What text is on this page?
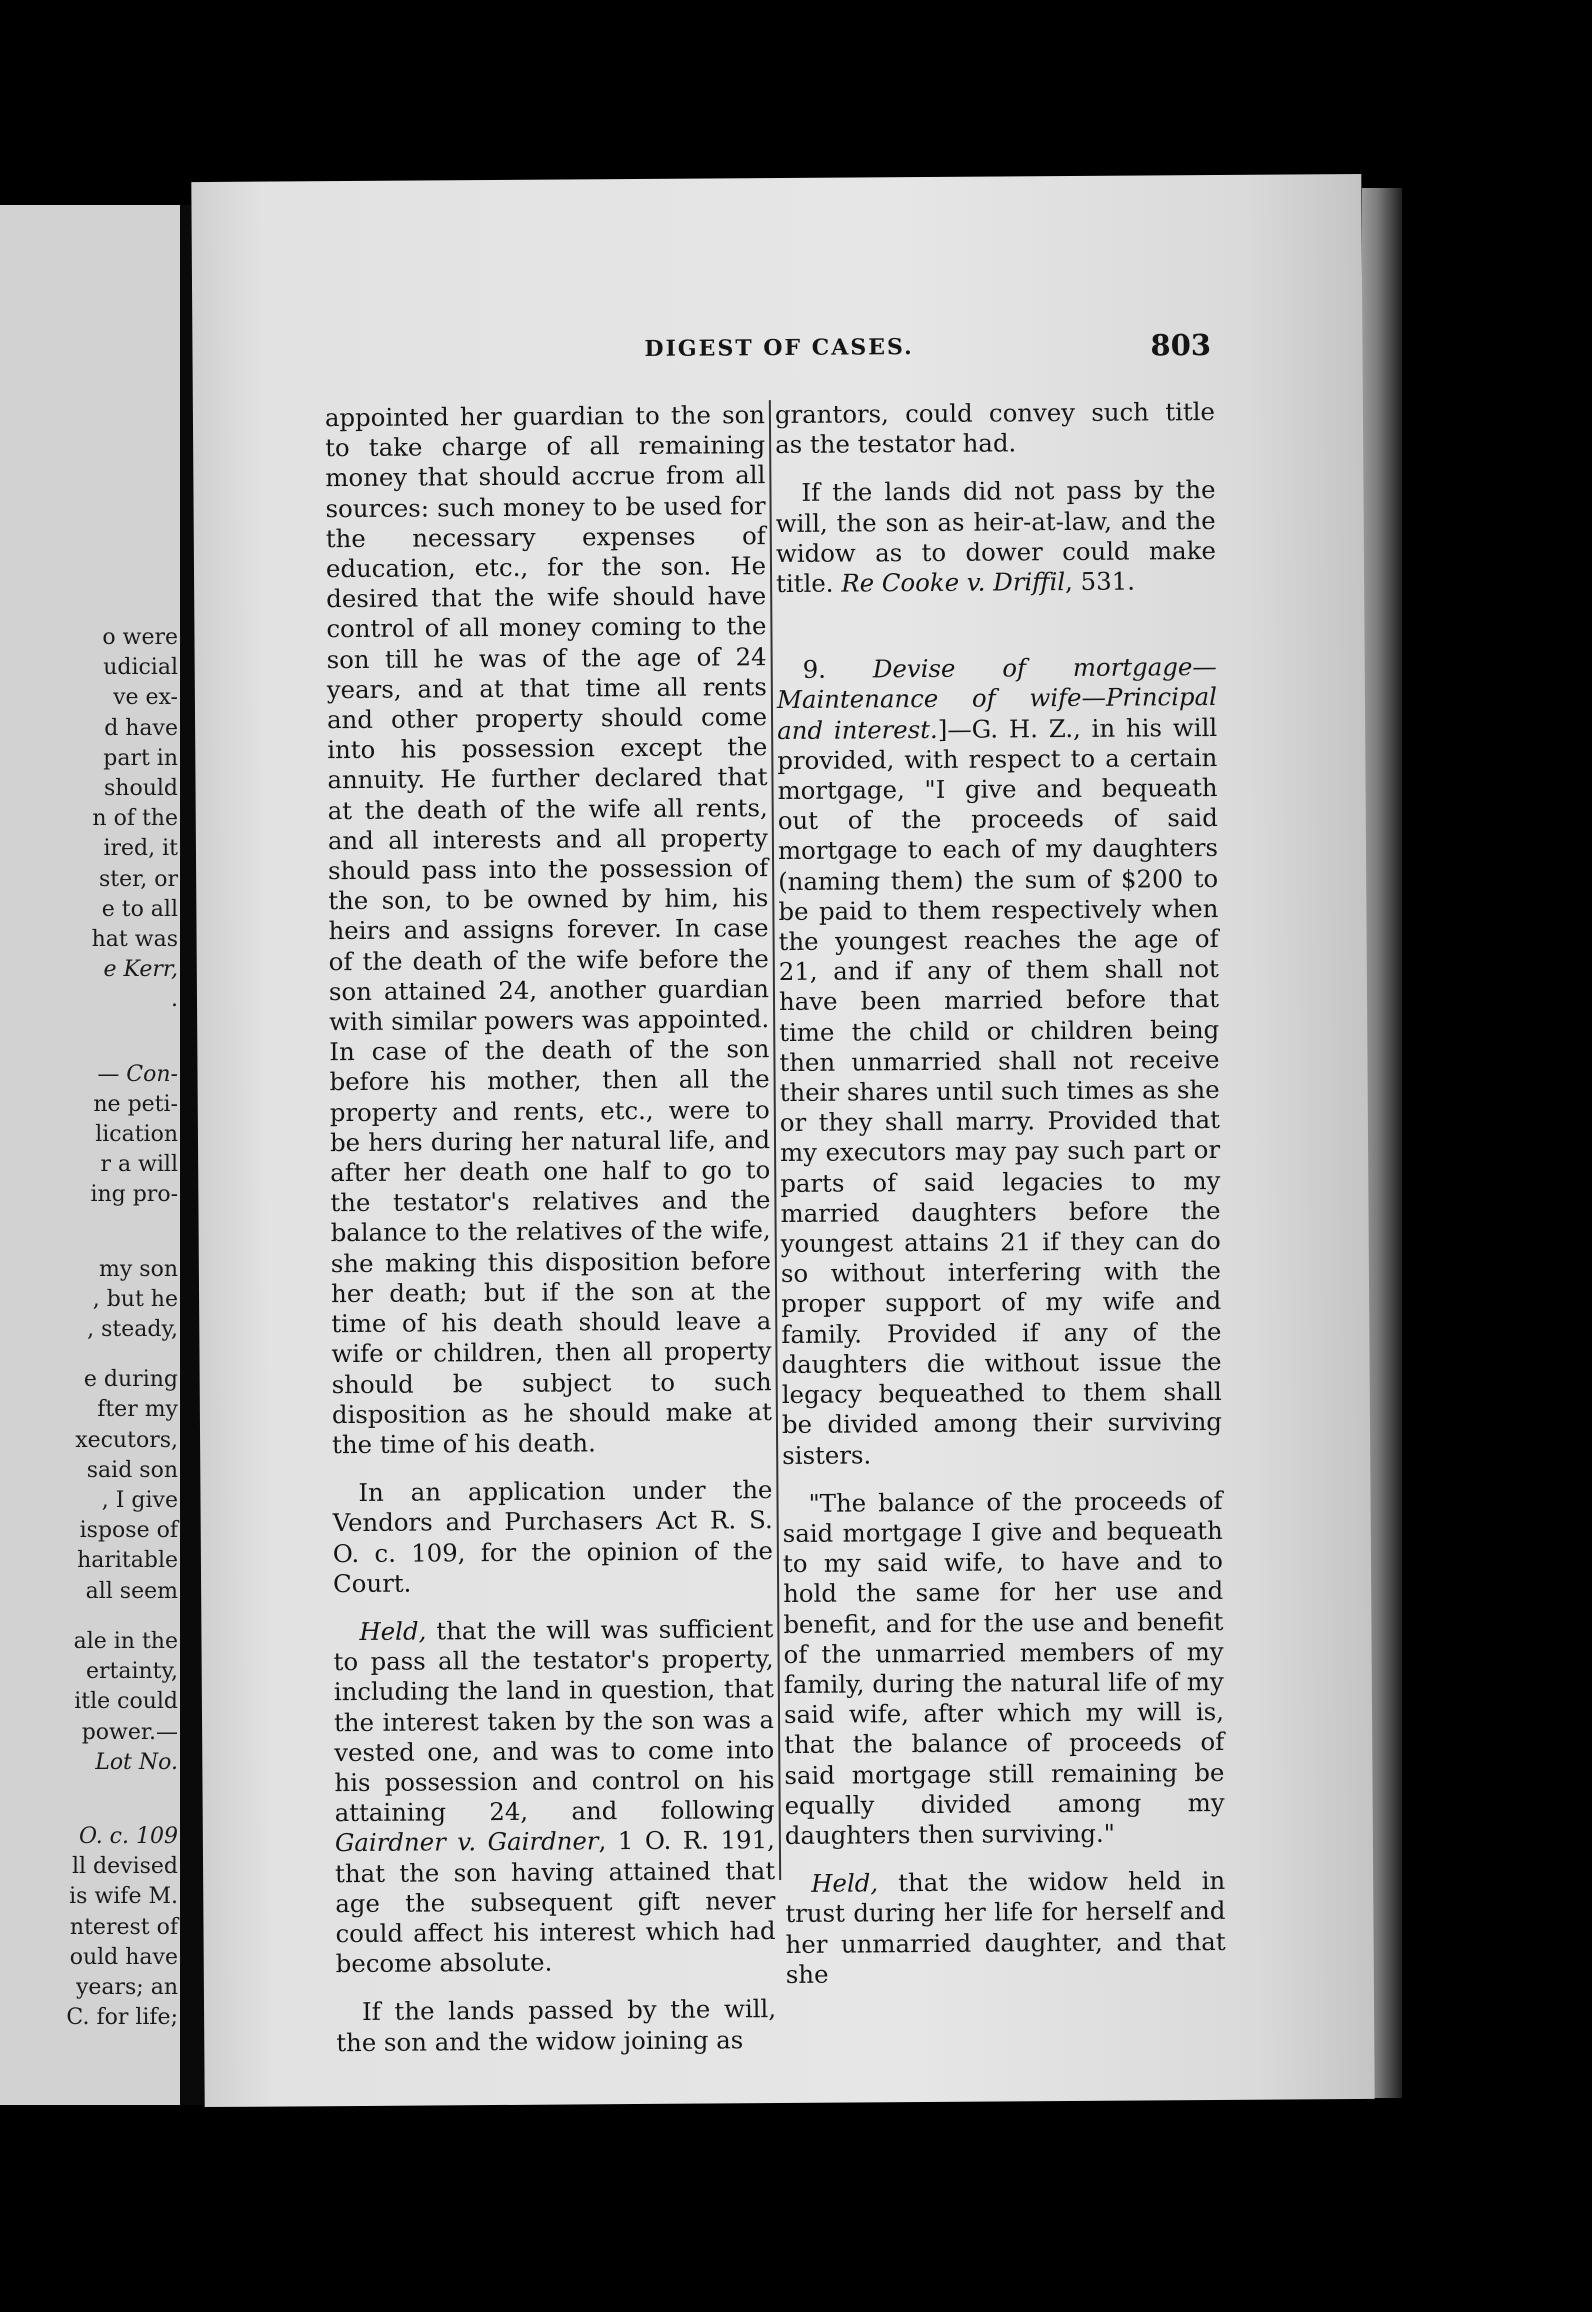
o were
udicial
ve ex-
d have
part in
should
n of the
ired, it
ster, or
e to all
hat was
e Kerr,
.
— Con-
ne peti-
lication
r a will
ing pro-
my son
, but he
, steady,
e during
fter my
xecutors,
said son
, I give
ispose of
haritable
all seem
ale in the
ertainty,
itle could
power.—
Lot No.
O. c. 109
ll devised
is wife M.
nterest of
ould have
years; an
C. for life;
DIGEST OF CASES.	803

appointed her guardian to the son to take charge of all remaining money that should accrue from all sources: such money to be used for the necessary expenses of education, etc., for the son. He desired that the wife should have control of all money coming to the son till he was of the age of 24 years, and at that time all rents and other property should come into his possession except the annuity. He further declared that at the death of the wife all rents, and all interests and all property should pass into the possession of the son, to be owned by him, his heirs and assigns forever. In case of the death of the wife before the son attained 24, another guardian with similar powers was appointed. In case of the death of the son before his mother, then all the property and rents, etc., were to be hers during her natural life, and after her death one half to go to the testator's relatives and the balance to the relatives of the wife, she making this disposition before her death; but if the son at the time of his death should leave a wife or children, then all property should be subject to such disposition as he should make at the time of his death.

In an application under the Vendors and Purchasers Act R. S. O. c. 109, for the opinion of the Court.

Held, that the will was sufficient to pass all the testator's property, including the land in question, that the interest taken by the son was a vested one, and was to come into his possession and control on his attaining 24, and following Gairdner v. Gairdner, 1 O. R. 191, that the son having attained that age the subsequent gift never could affect his interest which had become absolute.

If the lands passed by the will, the son and the widow joining as

grantors, could convey such title as the testator had.

If the lands did not pass by the will, the son as heir-at-law, and the widow as to dower could make title. Re Cooke v. Driffil, 531.

9. Devise of mortgage—Maintenance of wife—Principal and interest.]—G. H. Z., in his will provided, with respect to a certain mortgage, "I give and bequeath out of the proceeds of said mortgage to each of my daughters (naming them) the sum of $200 to be paid to them respectively when the youngest reaches the age of 21, and if any of them shall not have been married before that time the child or children being then unmarried shall not receive their shares until such times as she or they shall marry. Provided that my executors may pay such part or parts of said legacies to my married daughters before the youngest attains 21 if they can do so without interfering with the proper support of my wife and family. Provided if any of the daughters die without issue the legacy bequeathed to them shall be divided among their surviving sisters.

"The balance of the proceeds of said mortgage I give and bequeath to my said wife, to have and to hold the same for her use and benefit, and for the use and benefit of the unmarried members of my family, during the natural life of my said wife, after which my will is, that the balance of proceeds of said mortgage still remaining be equally divided among my daughters then surviving."

Held, that the widow held in trust during her life for herself and her unmarried daughter, and that she
